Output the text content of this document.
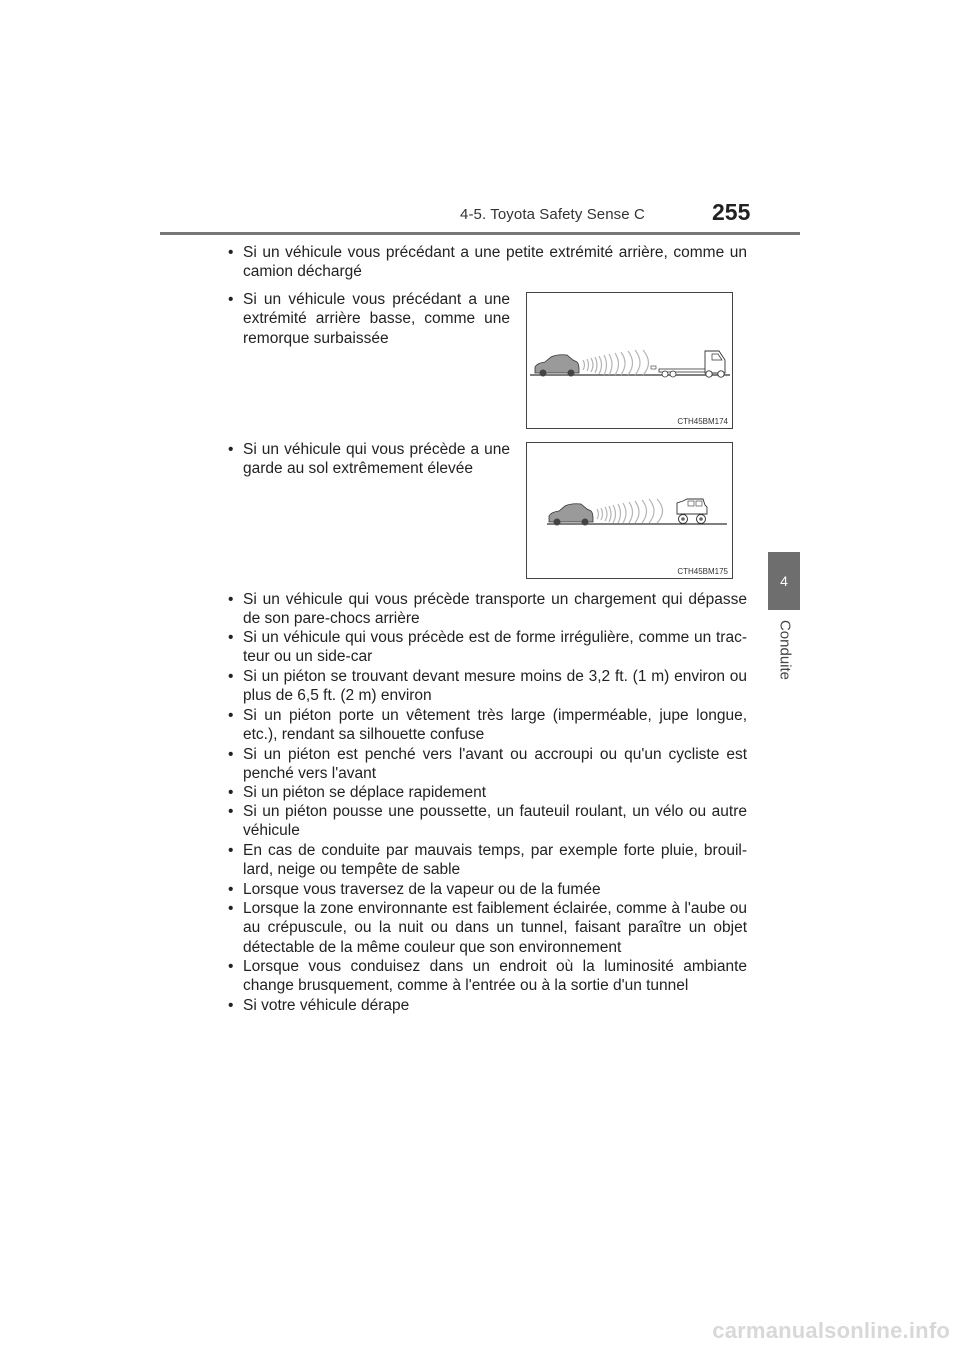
4-5. Toyota Safety Sense C	255
4
Conduite
• Si un véhicule vous précédant a une petite extrémité arrière, comme un camion déchargé
• Si un véhicule vous précédant a une extrémité arrière basse, comme une remorque surbaissée
• Si un véhicule qui vous précède a une garde au sol extrêmement élevée
CTH45BM174
CTH45BM175
• Si un véhicule qui vous précède transporte un chargement qui dépasse de son pare-chocs arrière
• Si un véhicule qui vous précède est de forme irrégulière, comme un trac-teur ou un side-car
• Si un piéton se trouvant devant mesure moins de 3,2 ft. (1 m) environ ou plus de 6,5 ft. (2 m) environ
• Si un piéton porte un vêtement très large (imperméable, jupe longue, etc.), rendant sa silhouette confuse
• Si un piéton est penché vers l'avant ou accroupi ou qu'un cycliste est penché vers l'avant
• Si un piéton se déplace rapidement
• Si un piéton pousse une poussette, un fauteuil roulant, un vélo ou autre véhicule
• En cas de conduite par mauvais temps, par exemple forte pluie, brouil-lard, neige ou tempête de sable
• Lorsque vous traversez de la vapeur ou de la fumée
• Lorsque la zone environnante est faiblement éclairée, comme à l'aube ou au crépuscule, ou la nuit ou dans un tunnel, faisant paraître un objet détectable de la même couleur que son environnement
• Lorsque vous conduisez dans un endroit où la luminosité ambiante change brusquement, comme à l'entrée ou à la sortie d'un tunnel
• Si votre véhicule dérape
carmanualsonline.info
